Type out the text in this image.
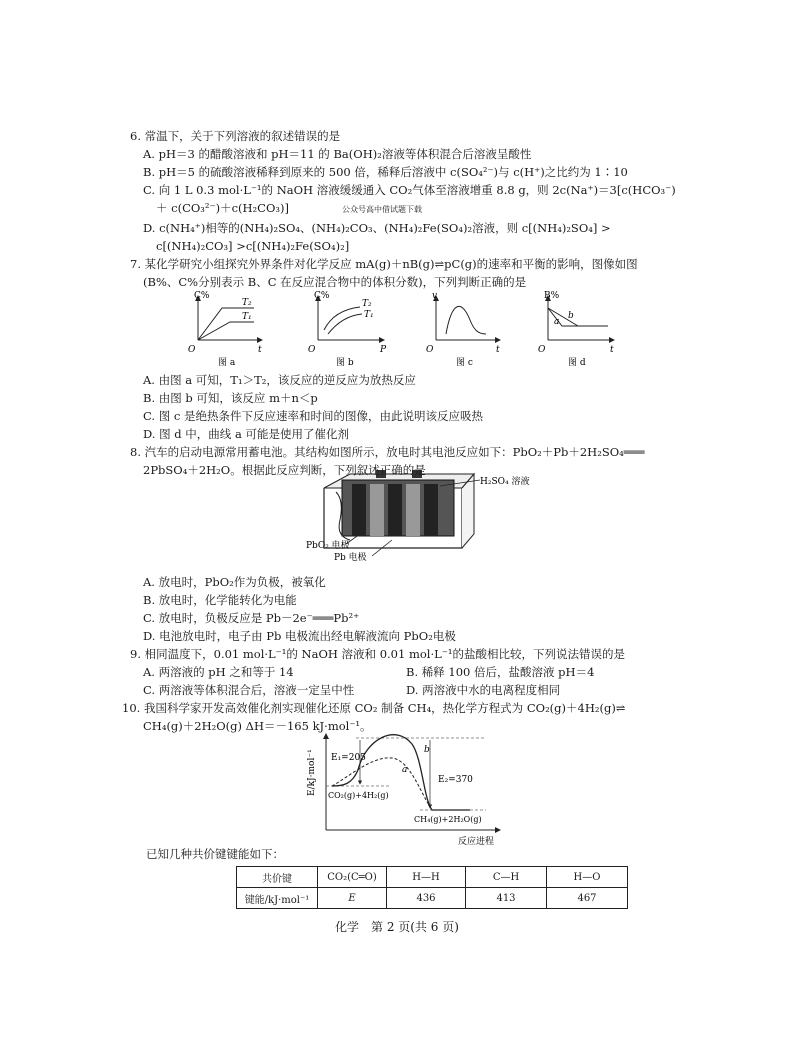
6. 常温下，关于下列溶液的叙述错误的是
A. pH＝3 的醋酸溶液和 pH＝11 的 Ba(OH)₂溶液等体积混合后溶液呈酸性
B. pH＝5 的硫酸溶液稀释到原来的 500 倍，稀释后溶液中 c(SO₄²⁻)与 c(H⁺)之比约为 1∶10
C. 向 1 L 0.3 mol·L⁻¹的 NaOH 溶液缓缓通入 CO₂气体至溶液增重 8.8 g，则 2c(Na⁺)＝3[c(HCO₃⁻)
＋ c(CO₃²⁻)＋c(H₂CO₃)]	公众号高中借试题下载
D. c(NH₄⁺)相等的(NH₄)₂SO₄、(NH₄)₂CO₃、(NH₄)₂Fe(SO₄)₂溶液，则 c[(NH₄)₂SO₄] >
c[(NH₄)₂CO₃] >c[(NH₄)₂Fe(SO₄)₂]
7. 某化学研究小组探究外界条件对化学反应 mA(g)＋nB(g)⇌pC(g)的速率和平衡的影响，图像如图
(B%、C%分别表示 B、C 在反应混合物中的体积分数)，下列判断正确的是
C%
t
O
T₂
T₁
图 a
C%
P
O
T₂
T₁
图 b
v
t
O
图 c
B%
t
O
b
a
图 d
H₂SO₄ 溶液
PbO₂ 电极
Pb 电极
E/kJ·mol⁻¹ E₁=205
E₂=370
a
b
CO₂(g)+4H₂(g)
CH₄(g)+2H₂O(g)
反应进程
A. 由图 a 可知，T₁＞T₂，该反应的逆反应为放热反应
B. 由图 b 可知，该反应 m＋n＜p
C. 图 c 是绝热条件下反应速率和时间的图像，由此说明该反应吸热
D. 图 d 中，曲线 a 可能是使用了催化剂
8. 汽车的启动电源常用蓄电池。其结构如图所示，放电时其电池反应如下：PbO₂＋Pb＋2H₂SO₄═══
2PbSO₄＋2H₂O。根据此反应判断，下列叙述正确的是
A. 放电时，PbO₂作为负极，被氧化
B. 放电时，化学能转化为电能
C. 放电时，负极反应是 Pb－2e⁻═══Pb²⁺
D. 电池放电时，电子由 Pb 电极流出经电解液流向 PbO₂电极
9. 相同温度下，0.01 mol·L⁻¹的 NaOH 溶液和 0.01 mol·L⁻¹的盐酸相比较，下列说法错误的是
A. 两溶液的 pH 之和等于 14	B. 稀释 100 倍后，盐酸溶液 pH＝4
C. 两溶液等体积混合后，溶液一定呈中性	D. 两溶液中水的电离程度相同
10. 我国科学家开发高效催化剂实现催化还原 CO₂ 制备 CH₄，热化学方程式为 CO₂(g)＋4H₂(g)⇌
CH₄(g)＋2H₂O(g) ΔH＝－165 kJ·mol⁻¹。
已知几种共价键键能如下：
共价键	CO₂(C═O)	H—H	C—H	H—O
键能/kJ·mol⁻¹	E	436	413	467
化学　第 2 页(共 6 页)
